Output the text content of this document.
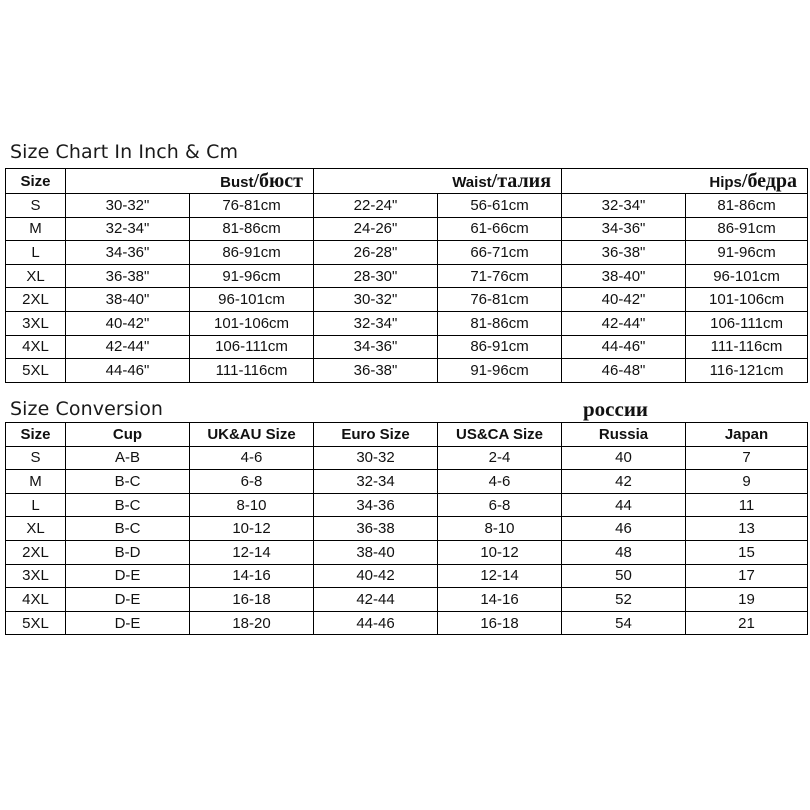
Size Chart In Inch & Cm
Size	Bust/бюст		Waist/талия		Hips/бедра	
S	30-32"	76-81cm	22-24"	56-61cm	32-34"	81-86cm
M	32-34"	81-86cm	24-26"	61-66cm	34-36"	86-91cm
L	34-36"	86-91cm	26-28"	66-71cm	36-38"	91-96cm
XL	36-38"	91-96cm	28-30"	71-76cm	38-40"	96-101cm
2XL	38-40"	96-101cm	30-32"	76-81cm	40-42"	101-106cm
3XL	40-42"	101-106cm	32-34"	81-86cm	42-44"	106-111cm
4XL	42-44"	106-111cm	34-36"	86-91cm	44-46"	111-116cm
5XL	44-46"	111-116cm	36-38"	91-96cm	46-48"	116-121cm
Size Conversion	россии
Size	Cup	UK&AU Size	Euro Size	US&CA Size	Russia	Japan
S	A-B	4-6	30-32	2-4	40	7
M	B-C	6-8	32-34	4-6	42	9
L	B-C	8-10	34-36	6-8	44	11
XL	B-C	10-12	36-38	8-10	46	13
2XL	B-D	12-14	38-40	10-12	48	15
3XL	D-E	14-16	40-42	12-14	50	17
4XL	D-E	16-18	42-44	14-16	52	19
5XL	D-E	18-20	44-46	16-18	54	21
